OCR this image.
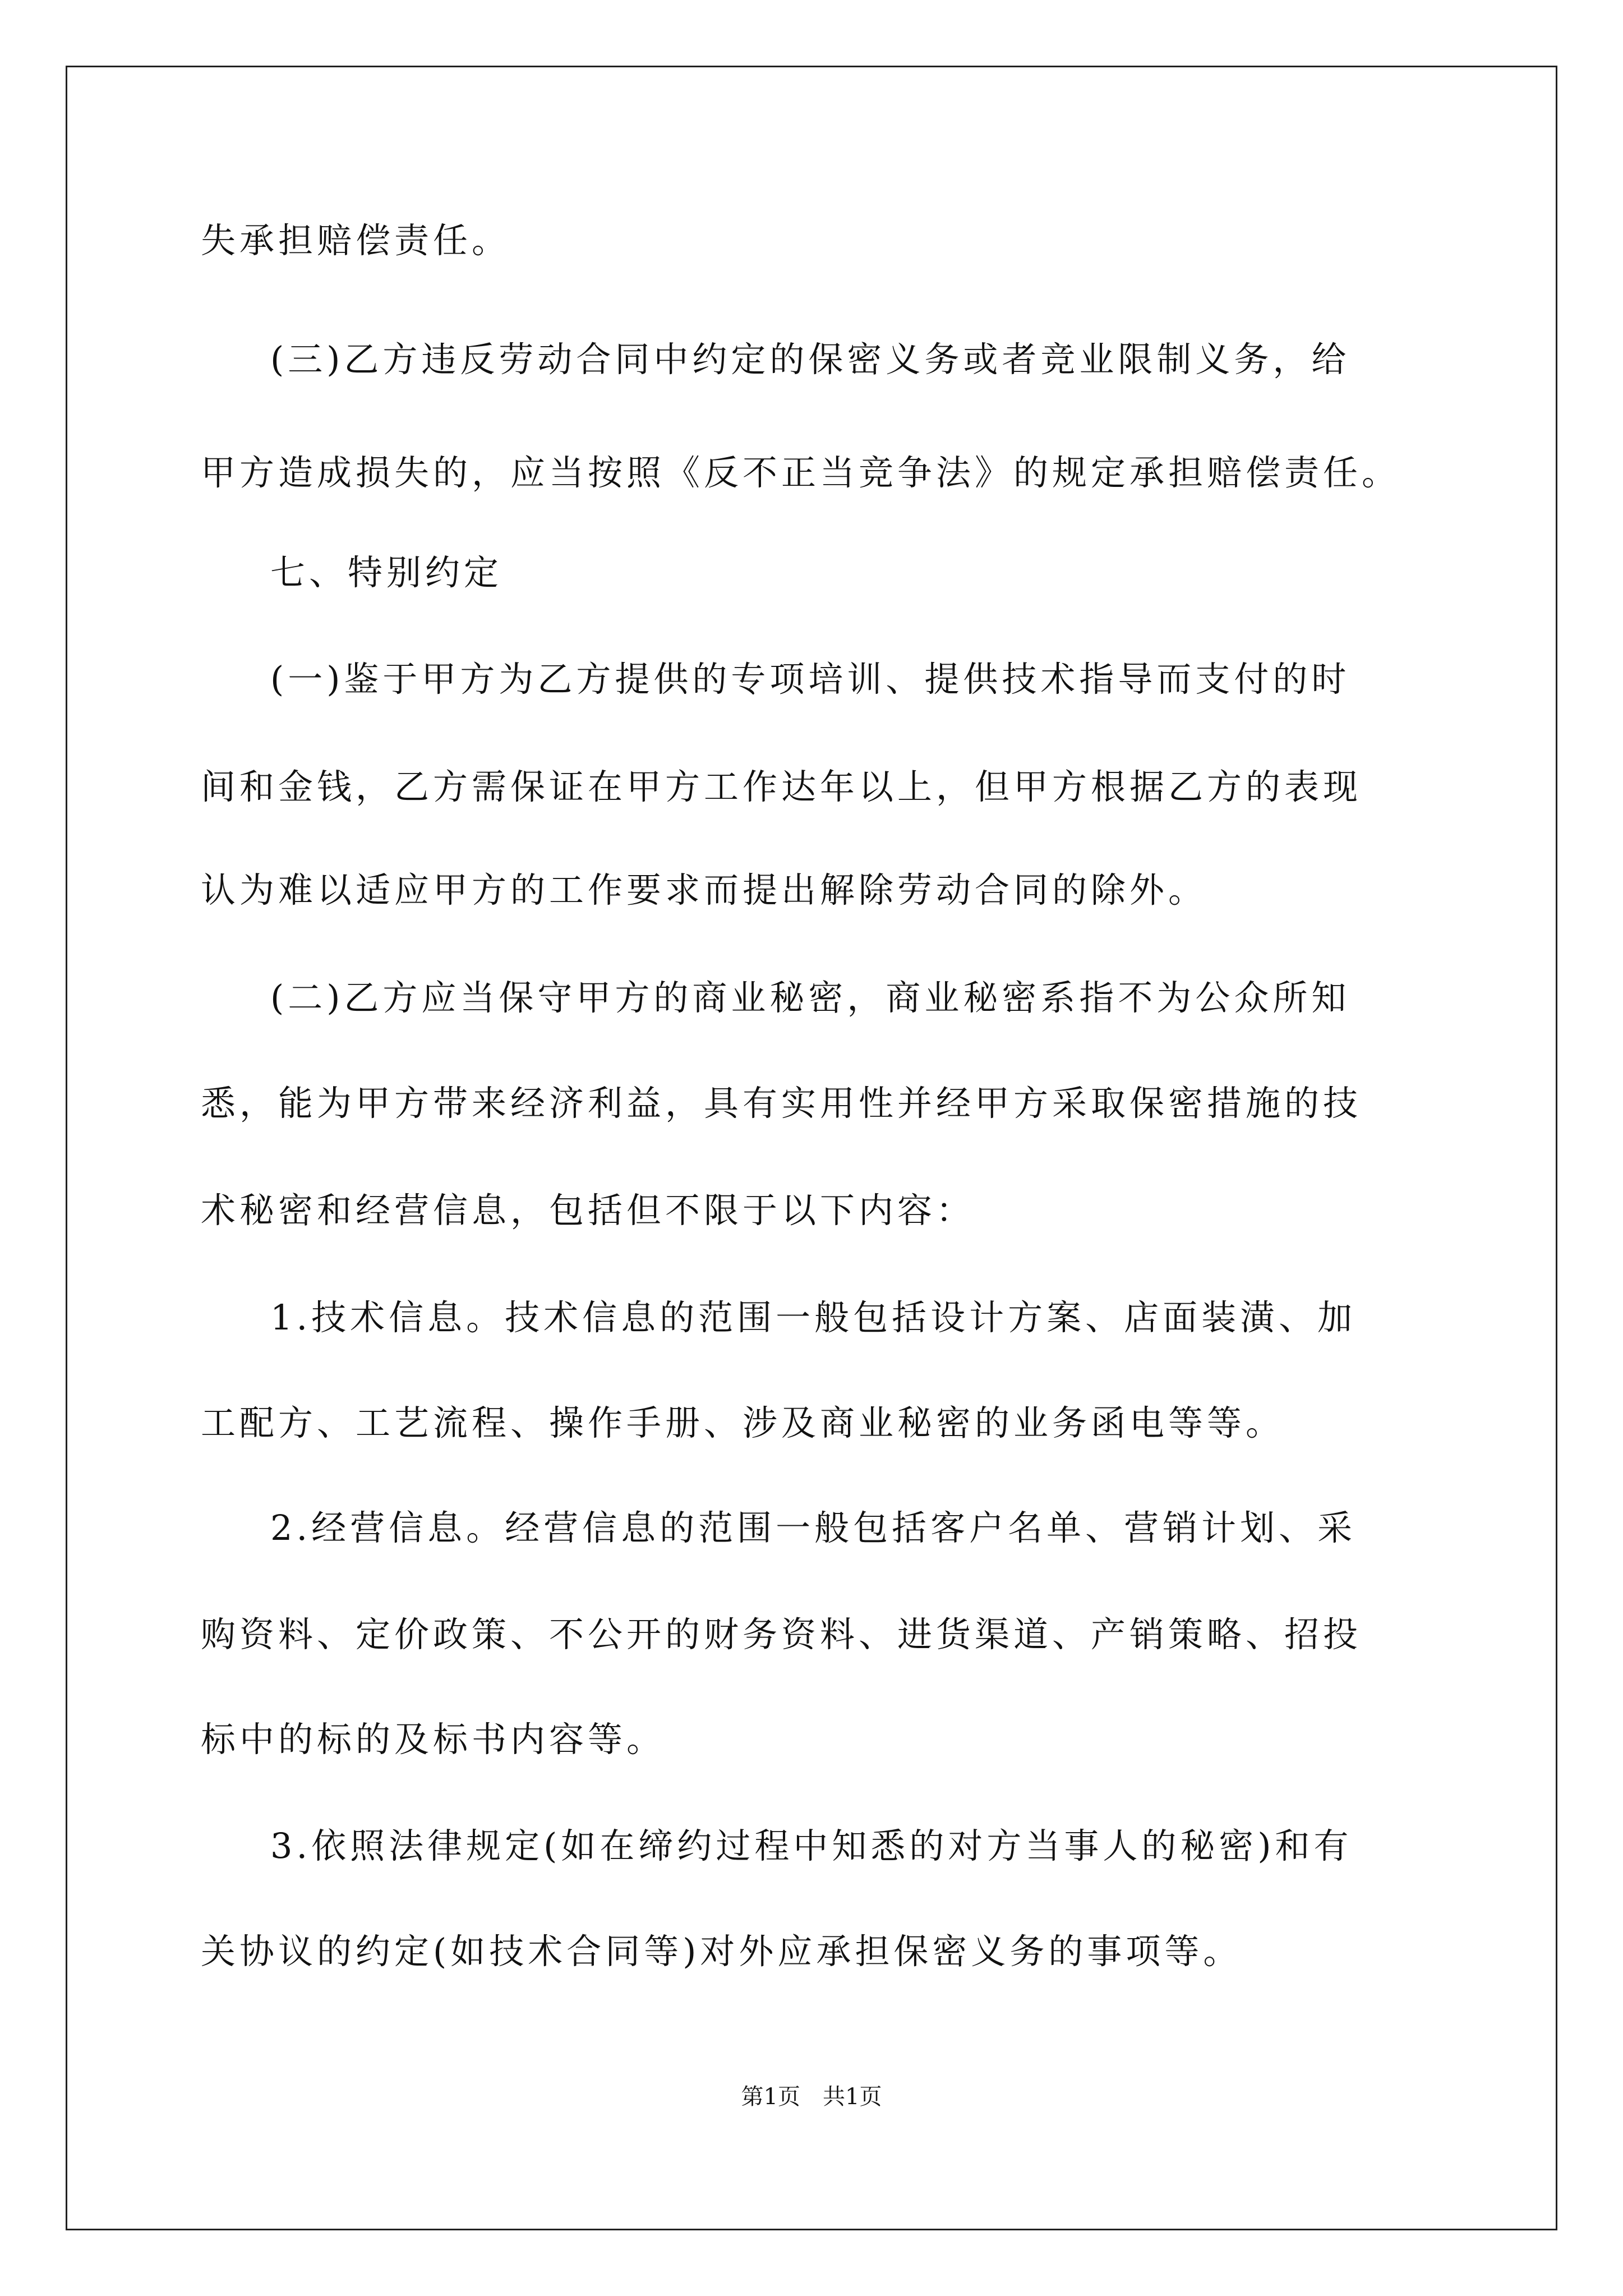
失承担赔偿责任。
(三)乙方违反劳动合同中约定的保密义务或者竞业限制义务，给
甲方造成损失的，应当按照《反不正当竞争法》的规定承担赔偿责任。
七、特别约定
(一)鉴于甲方为乙方提供的专项培训、提供技术指导而支付的时
间和金钱，乙方需保证在甲方工作达年以上，但甲方根据乙方的表现
认为难以适应甲方的工作要求而提出解除劳动合同的除外。
(二)乙方应当保守甲方的商业秘密，商业秘密系指不为公众所知
悉，能为甲方带来经济利益，具有实用性并经甲方采取保密措施的技
术秘密和经营信息，包括但不限于以下内容：
1.技术信息。技术信息的范围一般包括设计方案、店面装潢、加
工配方、工艺流程、操作手册、涉及商业秘密的业务函电等等。
2.经营信息。经营信息的范围一般包括客户名单、营销计划、采
购资料、定价政策、不公开的财务资料、进货渠道、产销策略、招投
标中的标的及标书内容等。
3.依照法律规定(如在缔约过程中知悉的对方当事人的秘密)和有
关协议的约定(如技术合同等)对外应承担保密义务的事项等。
第1页　共1页
